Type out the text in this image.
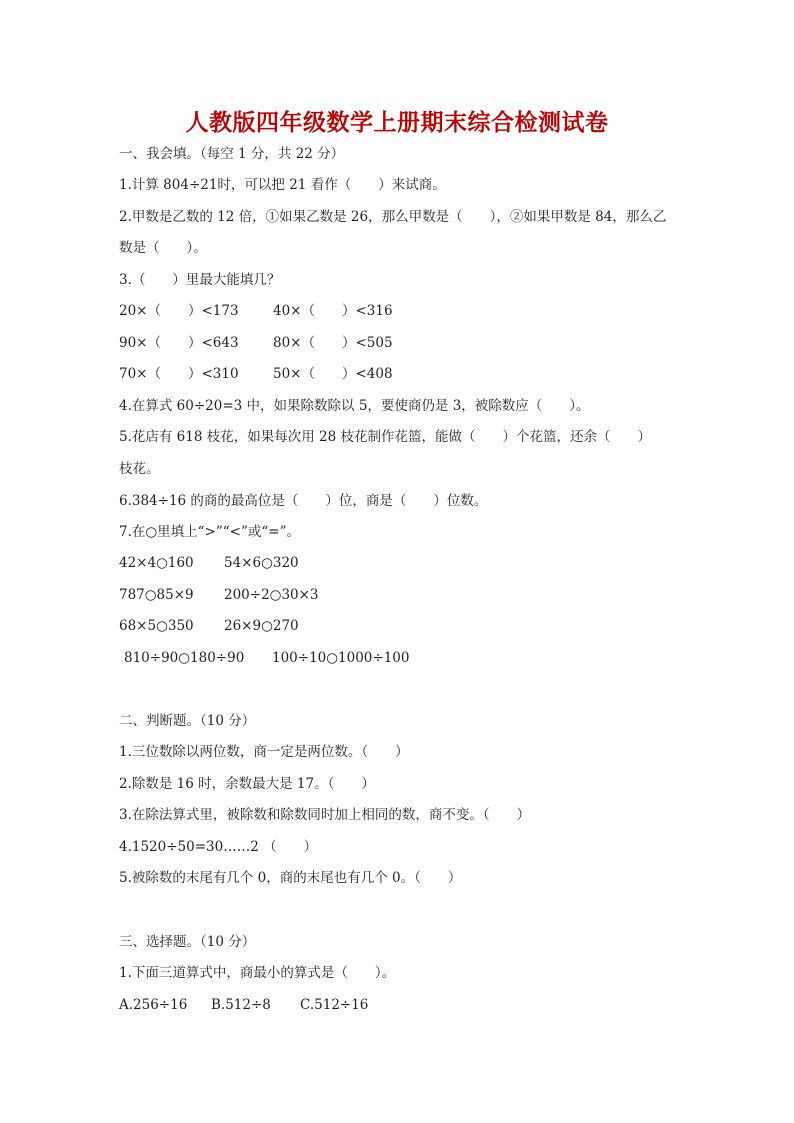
人教版四年级数学上册期末综合检测试卷
一、我会填。（每空 1 分，共 22 分）
1.计算 804÷21时，可以把 21 看作（　　）来试商。
2.甲数是乙数的 12 倍，①如果乙数是 26，那么甲数是（　　），②如果甲数是 84，那么乙
数是（　　）。
3.（　　）里最大能填几？
20×（　　）<173	40×（　　）<316
90×（　　）<643	80×（　　）<505
70×（　　）<310	50×（　　）<408
4.在算式 60÷20=3 中，如果除数除以 5，要使商仍是 3，被除数应（　　）。
5.花店有 618 枝花，如果每次用 28 枝花制作花篮，能做（　　）个花篮，还余（　　）
枝花。
6.384÷16 的商的最高位是（　　）位，商是（　　）位数。
7.在○里填上“>”“<”或“=”。
42×4○160 54×6○320
787○85×9 200÷2○30×3
68×5○350 26×9○270
810÷90○180÷90 100÷10○1000÷100
二、判断题。（10 分）
1.三位数除以两位数，商一定是两位数。（　　）
2.除数是 16 时，余数最大是 17。（　　）
3.在除法算式里，被除数和除数同时加上相同的数，商不变。（　　）
4.1520÷50=30……2 （　　）
5.被除数的末尾有几个 0，商的末尾也有几个 0。（　　）
三、选择题。（10 分）
1.下面三道算式中，商最小的算式是（　　）。
A.256÷16 B.512÷8 C.512÷16
